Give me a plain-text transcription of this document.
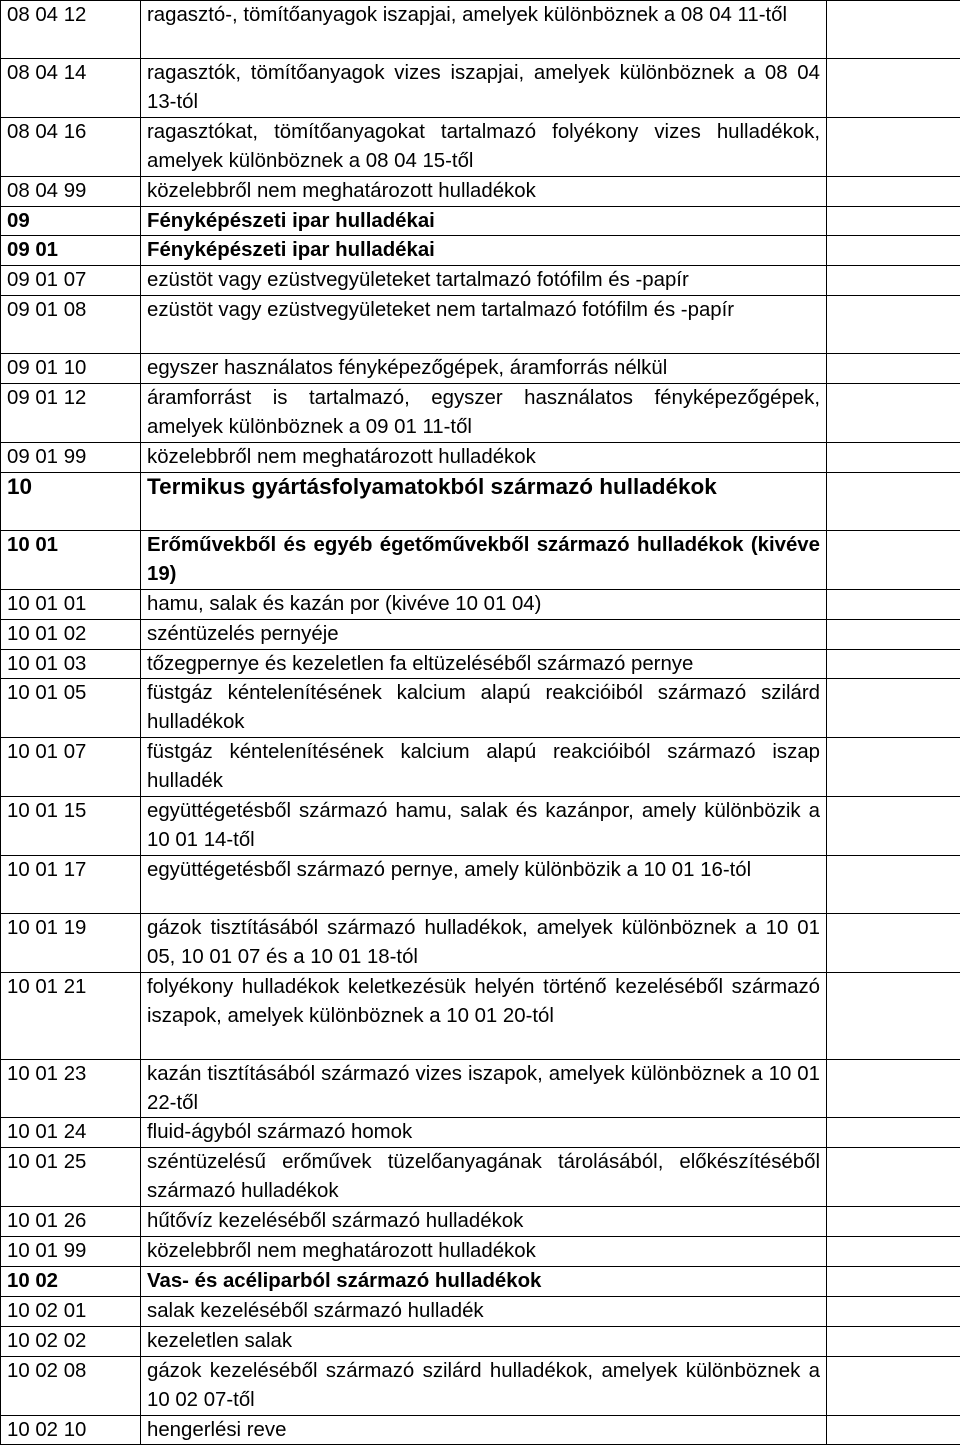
08 04 12	ragasztó-, tömítőanyagok iszapjai, amelyek különböznek a 08 04 11-től	
08 04 14	ragasztók, tömítőanyagok vizes iszapjai, amelyek különböznek a 08 04 13-tól	
08 04 16	ragasztókat, tömítőanyagokat tartalmazó folyékony vizes hulladékok, amelyek különböznek a 08 04 15-től	
08 04 99	közelebbről nem meghatározott hulladékok	
09	Fényképészeti ipar hulladékai	
09 01	Fényképészeti ipar hulladékai	
09 01 07	ezüstöt vagy ezüstvegyületeket tartalmazó fotófilm és -papír	
09 01 08	ezüstöt vagy ezüstvegyületeket nem tartalmazó fotófilm és -papír	
09 01 10	egyszer használatos fényképezőgépek, áramforrás nélkül	
09 01 12	áramforrást is tartalmazó, egyszer használatos fényképezőgépek, amelyek különböznek a 09 01 11-től	
09 01 99	közelebbről nem meghatározott hulladékok	
10	Termikus gyártásfolyamatokból származó hulladékok	
10 01	Erőművekből és egyéb égetőművekből származó hulladékok (kivéve 19)	
10 01 01	hamu, salak és kazán por (kivéve 10 01 04)	
10 01 02	széntüzelés pernyéje	
10 01 03	tőzegpernye és kezeletlen fa eltüzeléséből származó pernye	
10 01 05	füstgáz kéntelenítésének kalcium alapú reakcióiból származó szilárd hulladékok	
10 01 07	füstgáz kéntelenítésének kalcium alapú reakcióiból származó iszap hulladék	
10 01 15	együttégetésből származó hamu, salak és kazánpor, amely különbözik a 10 01 14-től	
10 01 17	együttégetésből származó pernye, amely különbözik a 10 01 16-tól	
10 01 19	gázok tisztításából származó hulladékok, amelyek különböznek a 10 01 05, 10 01 07 és a 10 01 18-tól	
10 01 21	folyékony hulladékok keletkezésük helyén történő kezeléséből származó iszapok, amelyek különböznek a 10 01 20-tól	
10 01 23	kazán tisztításából származó vizes iszapok, amelyek különböznek a 10 01 22-től	
10 01 24	fluid-ágyból származó homok	
10 01 25	széntüzelésű erőművek tüzelőanyagának tárolásából, előkészítéséből származó hulladékok	
10 01 26	hűtővíz kezeléséből származó hulladékok	
10 01 99	közelebbről nem meghatározott hulladékok	
10 02	Vas- és acéliparból származó hulladékok	
10 02 01	salak kezeléséből származó hulladék	
10 02 02	kezeletlen salak	
10 02 08	gázok kezeléséből származó szilárd hulladékok, amelyek különböznek a 10 02 07-től	
10 02 10	hengerlési reve	
